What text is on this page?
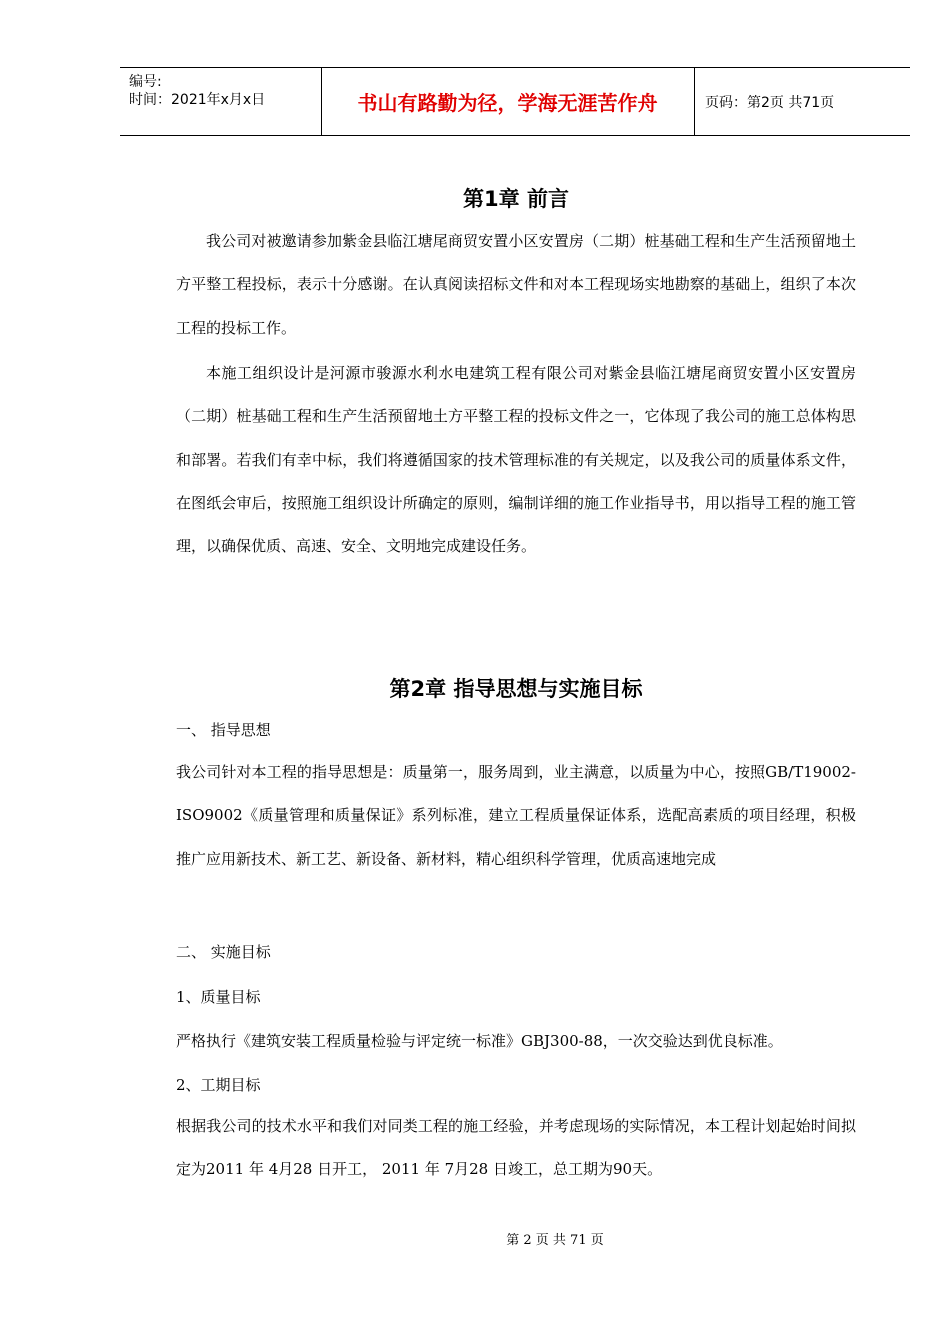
编号:
时间：2021年x月x日	书山有路勤为径，学海无涯苦作舟	页码：第2页 共71页
第1章 前言

我公司对被邀请参加紫金县临江塘尾商贸安置小区安置房（二期）桩基础工程和生产生活预留地土方平整工程投标，表示十分感谢。在认真阅读招标文件和对本工程现场实地勘察的基础上，组织了本次工程的投标工作。

本施工组织设计是河源市骏源水利水电建筑工程有限公司对紫金县临江塘尾商贸安置小区安置房（二期）桩基础工程和生产生活预留地土方平整工程的投标文件之一，它体现了我公司的施工总体构思和部署。若我们有幸中标，我们将遵循国家的技术管理标准的有关规定，以及我公司的质量体系文件，在图纸会审后，按照施工组织设计所确定的原则，编制详细的施工作业指导书，用以指导工程的施工管理，以确保优质、高速、安全、文明地完成建设任务。

第2章 指导思想与实施目标
一、 指导思想

我公司针对本工程的指导思想是：质量第一，服务周到，业主满意，以质量为中心，按照GB/T19002-ISO9002《质量管理和质量保证》系列标准，建立工程质量保证体系，选配高素质的项目经理，积极推广应用新技术、新工艺、新设备、新材料，精心组织科学管理，优质高速地完成

二、 实施目标
1、质量目标
严格执行《建筑安装工程质量检验与评定统一标准》GBJ300-88，一次交验达到优良标准。
2、工期目标

根据我公司的技术水平和我们对同类工程的施工经验，并考虑现场的实际情况，本工程计划起始时间拟定为2011 年 4月28 日开工， 2011 年 7月28 日竣工，总工期为90天。

第 2 页 共 71 页
